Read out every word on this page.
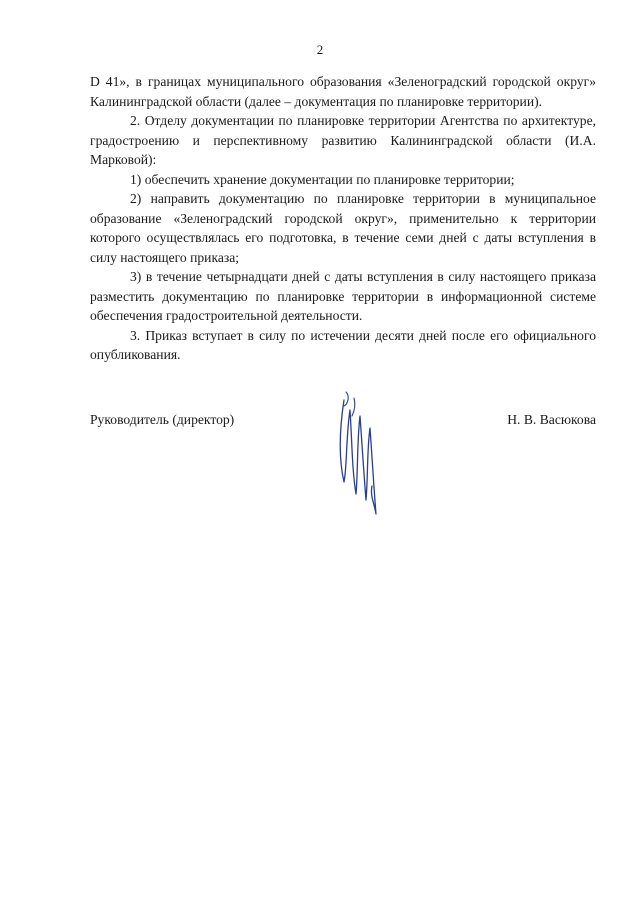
2

D 41», в границах муниципального образования «Зеленоградский городской округ» Калининградской области (далее – документация по планировке территории).

2. Отделу документации по планировке территории Агентства по архитектуре, градостроению и перспективному развитию Калининградской области (И.А. Марковой):

1) обеспечить хранение документации по планировке территории;

2) направить документацию по планировке территории в муниципальное образование «Зеленоградский городской округ», применительно к территории которого осуществлялась его подготовка, в течение семи дней с даты вступления в силу настоящего приказа;

3) в течение четырнадцати дней с даты вступления в силу настоящего приказа разместить документацию по планировке территории в информационной системе обеспечения градостроительной деятельности.

3. Приказ вступает в силу по истечении десяти дней после его официального опубликования.

Руководитель (директор)	Н. В. Васюкова
